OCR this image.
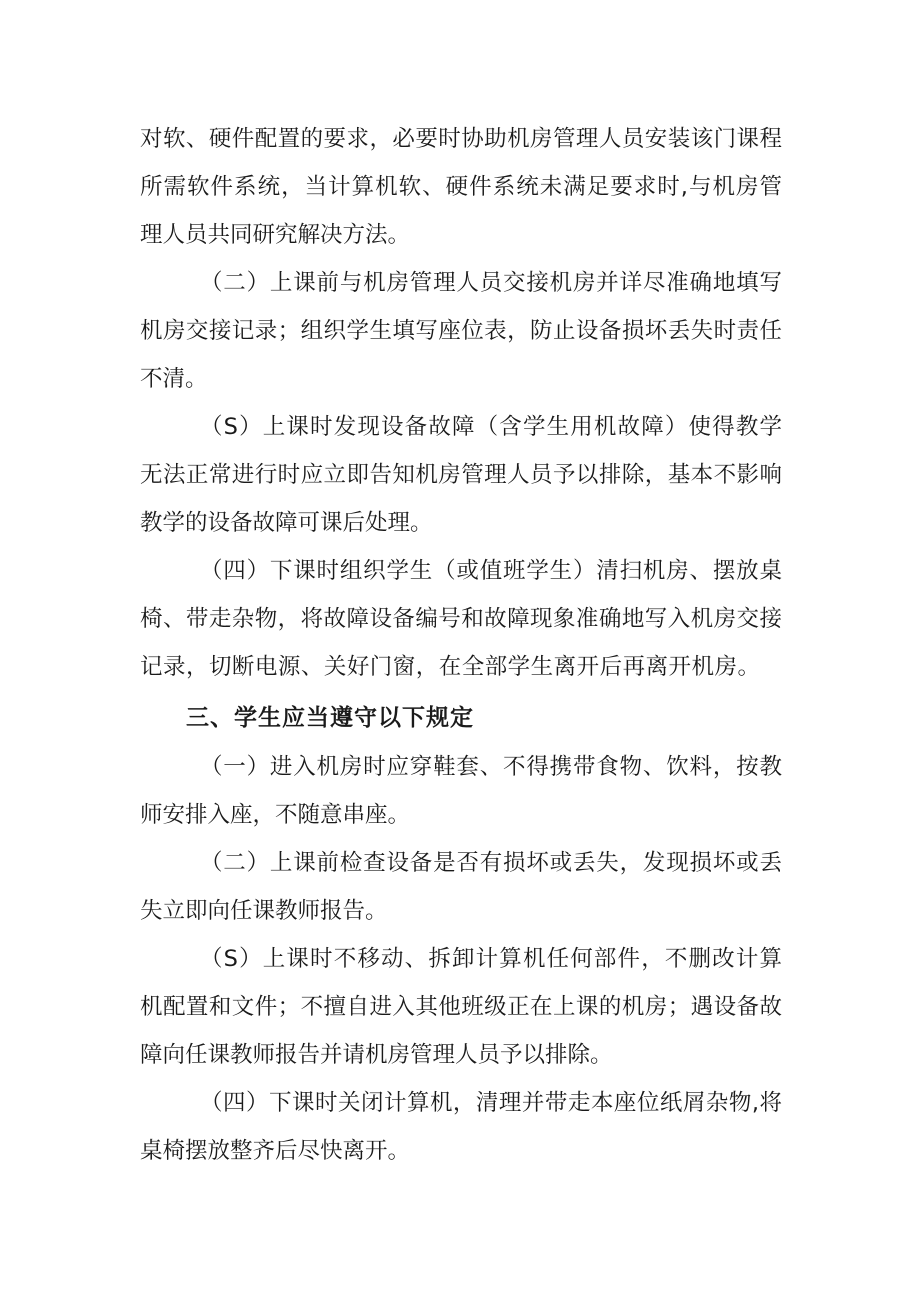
对软、硬件配置的要求，必要时协助机房管理人员安装该门课程
所需软件系统，当计算机软、硬件系统未满足要求时,与机房管
理人员共同研究解决方法。
（二）上课前与机房管理人员交接机房并详尽准确地填写
机房交接记录；组织学生填写座位表，防止设备损坏丢失时责任
不清。
（S）上课时发现设备故障（含学生用机故障）使得教学
无法正常进行时应立即告知机房管理人员予以排除，基本不影响
教学的设备故障可课后处理。
（四）下课时组织学生（或值班学生）清扫机房、摆放桌
椅、带走杂物，将故障设备编号和故障现象准确地写入机房交接
记录，切断电源、关好门窗，在全部学生离开后再离开机房。
三、学生应当遵守以下规定
（一）进入机房时应穿鞋套、不得携带食物、饮料，按教
师安排入座，不随意串座。
（二）上课前检查设备是否有损坏或丢失，发现损坏或丢
失立即向任课教师报告。
（S）上课时不移动、拆卸计算机任何部件，不删改计算
机配置和文件；不擅自进入其他班级正在上课的机房；遇设备故
障向任课教师报告并请机房管理人员予以排除。
（四）下课时关闭计算机，清理并带走本座位纸屑杂物,将
桌椅摆放整齐后尽快离开。
